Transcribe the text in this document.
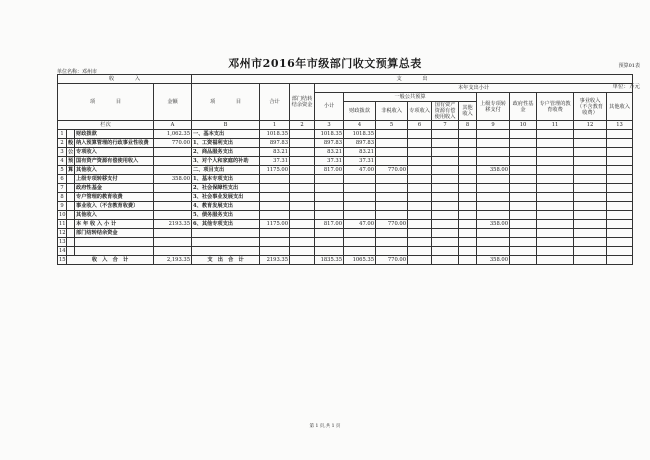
邓州市2016年市级部门收文预算总表	预算01表
单位名称：邓州市
单位：万元
收　　　　入				支　　　　出													
项　　　　目			金额	项　　　　目	合计	部门结转结余资金	本年支出小计										
							小计	一般公共预算					上级专项转移支付	政府性基金	专户管理的教育收费	事业收入（不含教育收费）	其他收入
								财政拨款	非税收入	专项收入	国有资产资源有偿使用收入	其他收入					

栏次			A	B	1	2	3	4	5	6	7	8	9	10	11	12	13
1		财政拨款	1,062.35	一、基本支出	1018.35		1018.35	1018.35									
2	般	纳入预算管理的行政事业性收费	770.00	1、工资福利支出	897.83		897.83	897.83									
3	公	专项收入		2、商品服务支出	83.21		83.21	83.21									
4	预	国有资产资源有偿使用收入		3、对个人和家庭的补助	37.31		37.31	37.31									
5	算	其他收入		二、项目支出	1175.00		817.00	47.00	770.00				358.00				
6		上级专项转移支付	358.00	1、基本专项支出													
7		政府性基金		2、社会保障性支出													
8		专户管理的教育收费		3、社会事业发展支出													
9		事业收入（不含教育收费）		4、教育发展支出													
10		其他收入		5、债务服务支出													
11		本 年 收 入 小 计	2193.35	6、其他专项支出	1175.00		817.00	47.00	770.00				358.00				
12		部门结转结余资金															
13																	
14																	
15	收　入　合　计		2,193.35	支　出　合　计	2193.35		1835.35	1065.35	770.00				358.00				
第 1 页,共 1 页
